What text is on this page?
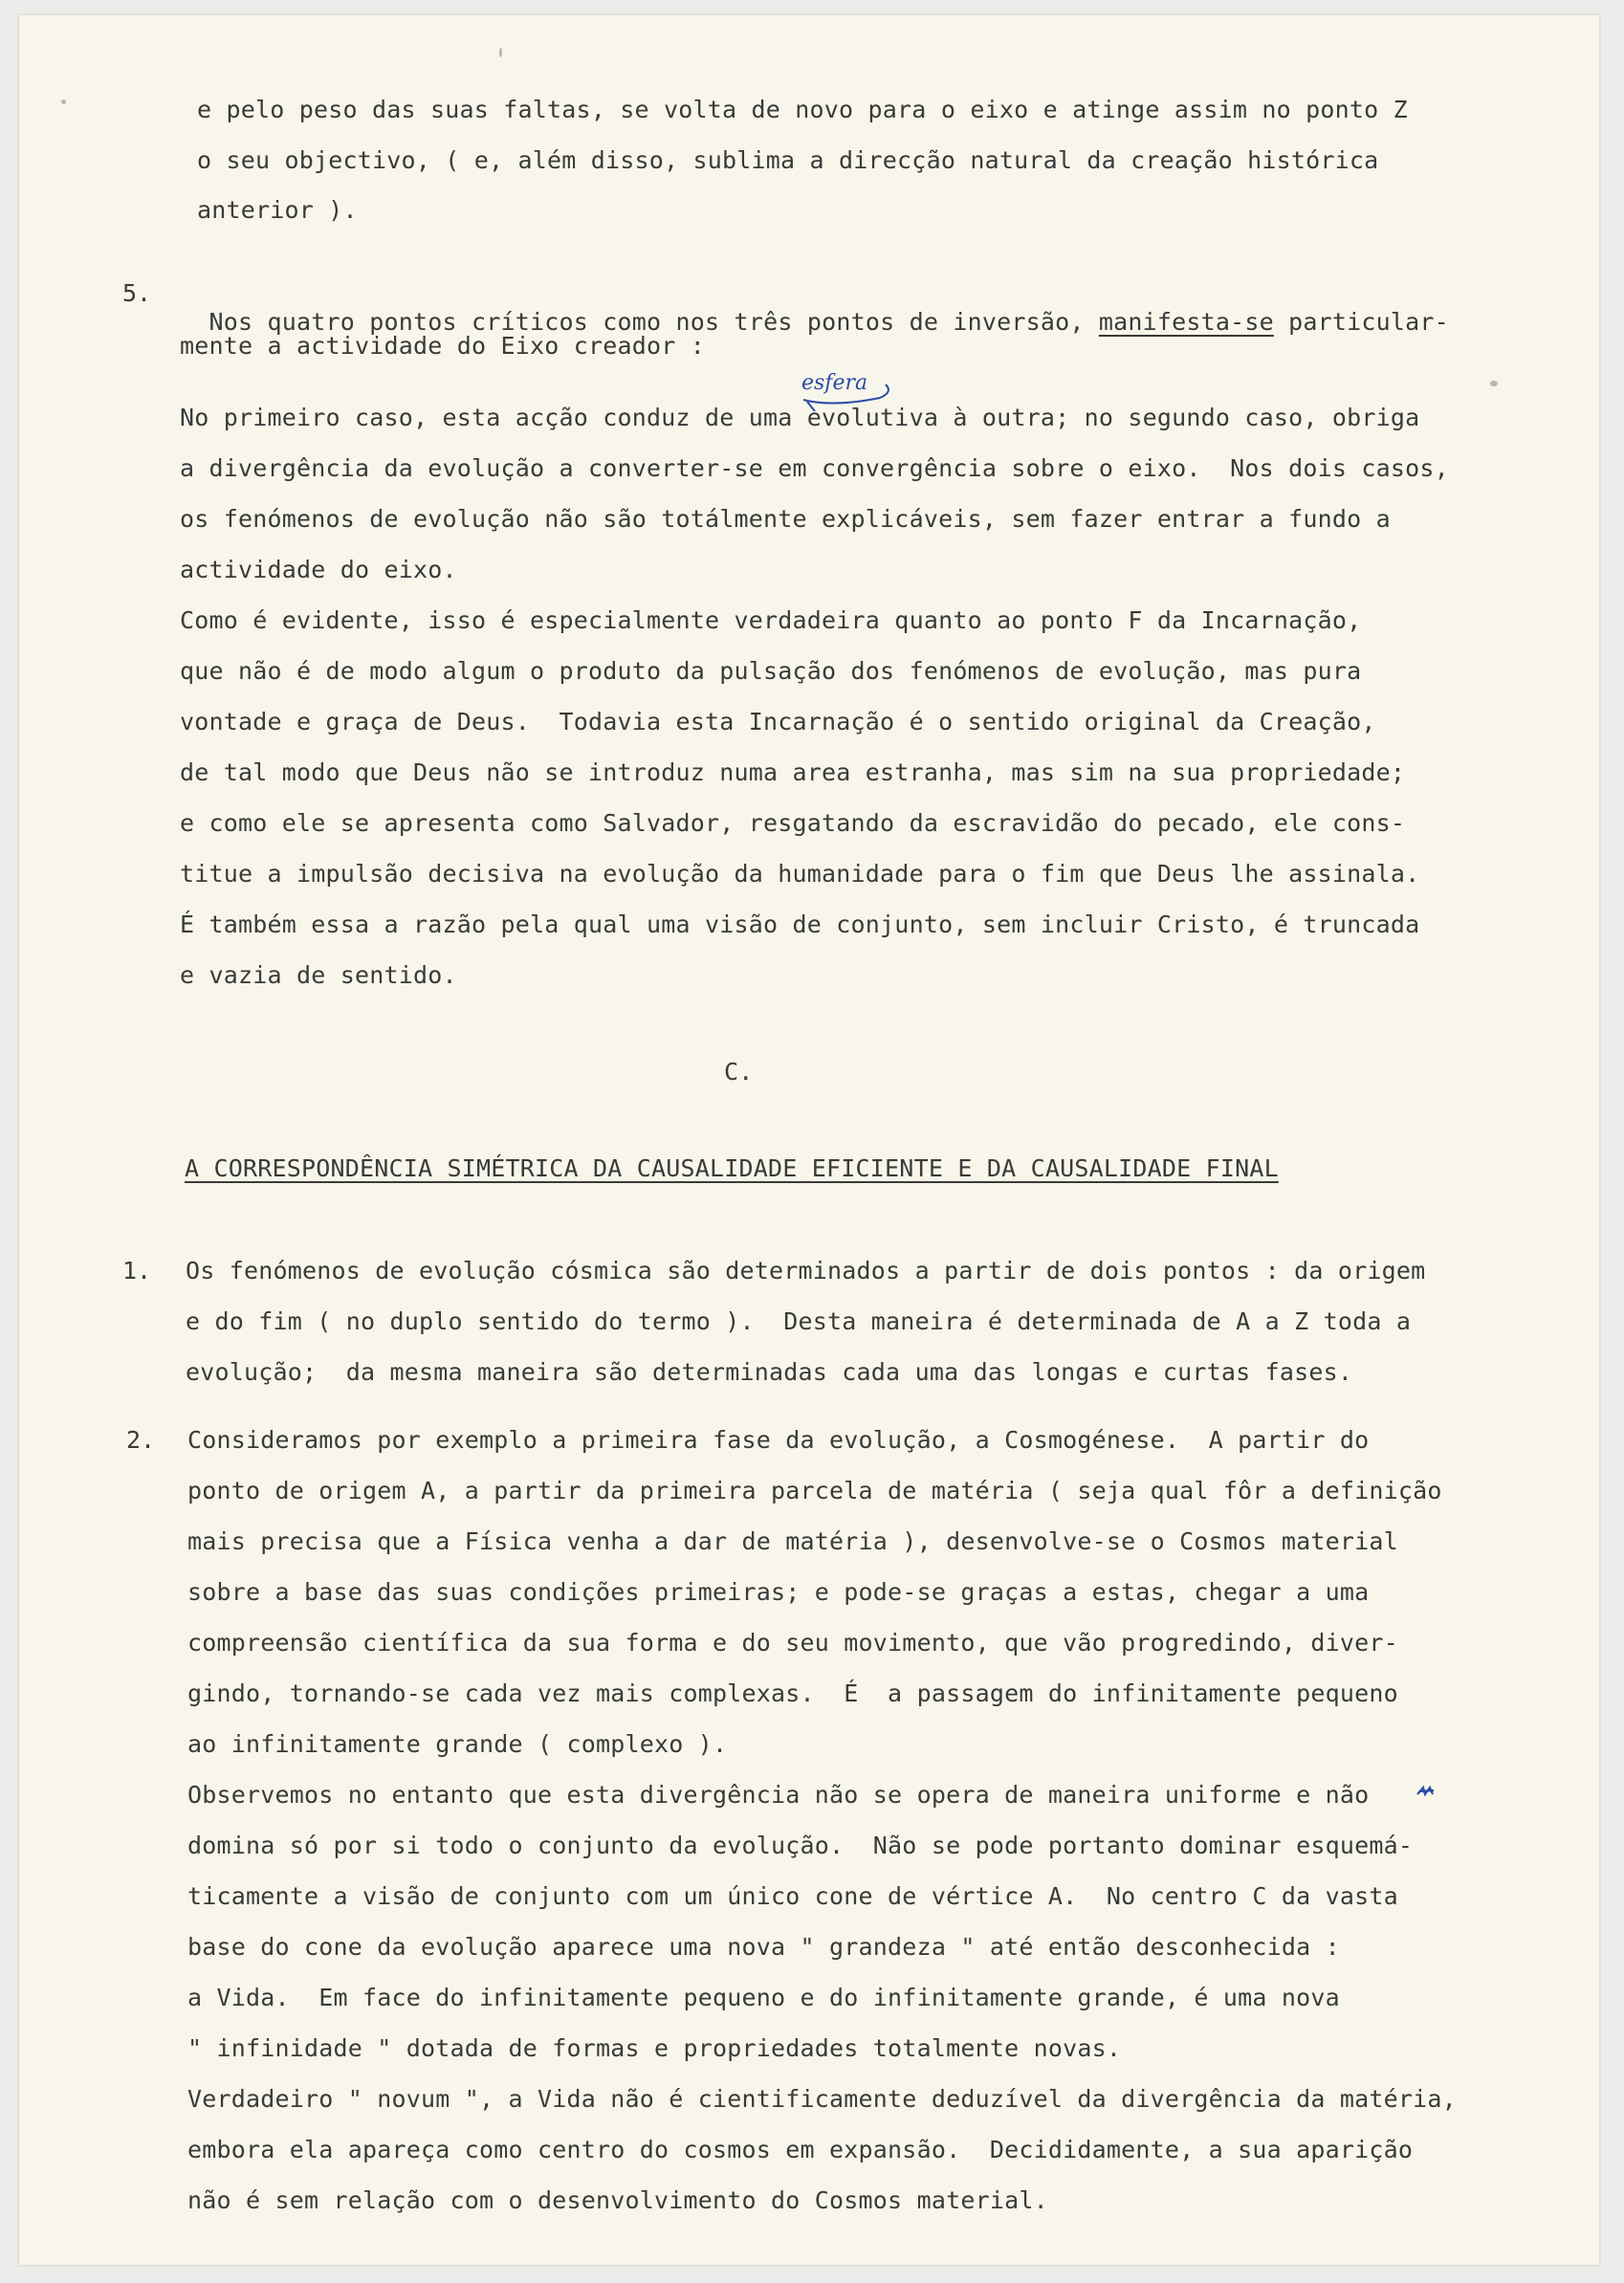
e pelo peso das suas faltas, se volta de novo para o eixo e atinge assim no ponto Z
o seu objectivo, ( e, além disso, sublima a direcção natural da creação histórica
anterior ).
5.

Nos quatro pontos críticos como nos três pontos de inversão, manifesta-se particular-

mente a actividade do Eixo creador :
esfera
No primeiro caso, esta acção conduz de uma evolutiva à outra; no segundo caso, obriga
a divergência da evolução a converter-se em convergência sobre o eixo.  Nos dois casos,
os fenómenos de evolução não são totálmente explicáveis, sem fazer entrar a fundo a
actividade do eixo.
Como é evidente, isso é especialmente verdadeira quanto ao ponto F da Incarnação,
que não é de modo algum o produto da pulsação dos fenómenos de evolução, mas pura
vontade e graça de Deus.  Todavia esta Incarnação é o sentido original da Creação,
de tal modo que Deus não se introduz numa area estranha, mas sim na sua propriedade;
e como ele se apresenta como Salvador, resgatando da escravidão do pecado, ele cons-
titue a impulsão decisiva na evolução da humanidade para o fim que Deus lhe assinala.
É também essa a razão pela qual uma visão de conjunto, sem incluir Cristo, é truncada
e vazia de sentido.
C.
A CORRESPONDÊNCIA SIMÉTRICA DA CAUSALIDADE EFICIENTE E DA CAUSALIDADE FINAL
1. Os fenómenos de evolução cósmica são determinados a partir de dois pontos : da origem
e do fim ( no duplo sentido do termo ).  Desta maneira é determinada de A a Z toda a
evolução;  da mesma maneira são determinadas cada uma das longas e curtas fases.
2. Consideramos por exemplo a primeira fase da evolução, a Cosmogénese.  A partir do
ponto de origem A, a partir da primeira parcela de matéria ( seja qual fôr a definição
mais precisa que a Física venha a dar de matéria ), desenvolve-se o Cosmos material
sobre a base das suas condições primeiras; e pode-se graças a estas, chegar a uma
compreensão científica da sua forma e do seu movimento, que vão progredindo, diver-
gindo, tornando-se cada vez mais complexas.  É  a passagem do infinitamente pequeno
ao infinitamente grande ( complexo ).
Observemos no entanto que esta divergência não se opera de maneira uniforme e não
domina só por si todo o conjunto da evolução.  Não se pode portanto dominar esquemá-
ticamente a visão de conjunto com um único cone de vértice A.  No centro C da vasta
base do cone da evolução aparece uma nova " grandeza " até então desconhecida :
a Vida.  Em face do infinitamente pequeno e do infinitamente grande, é uma nova
" infinidade " dotada de formas e propriedades totalmente novas.
Verdadeiro " novum ", a Vida não é cientificamente deduzível da divergência da matéria,
embora ela apareça como centro do cosmos em expansão.  Decididamente, a sua aparição
não é sem relação com o desenvolvimento do Cosmos material.
